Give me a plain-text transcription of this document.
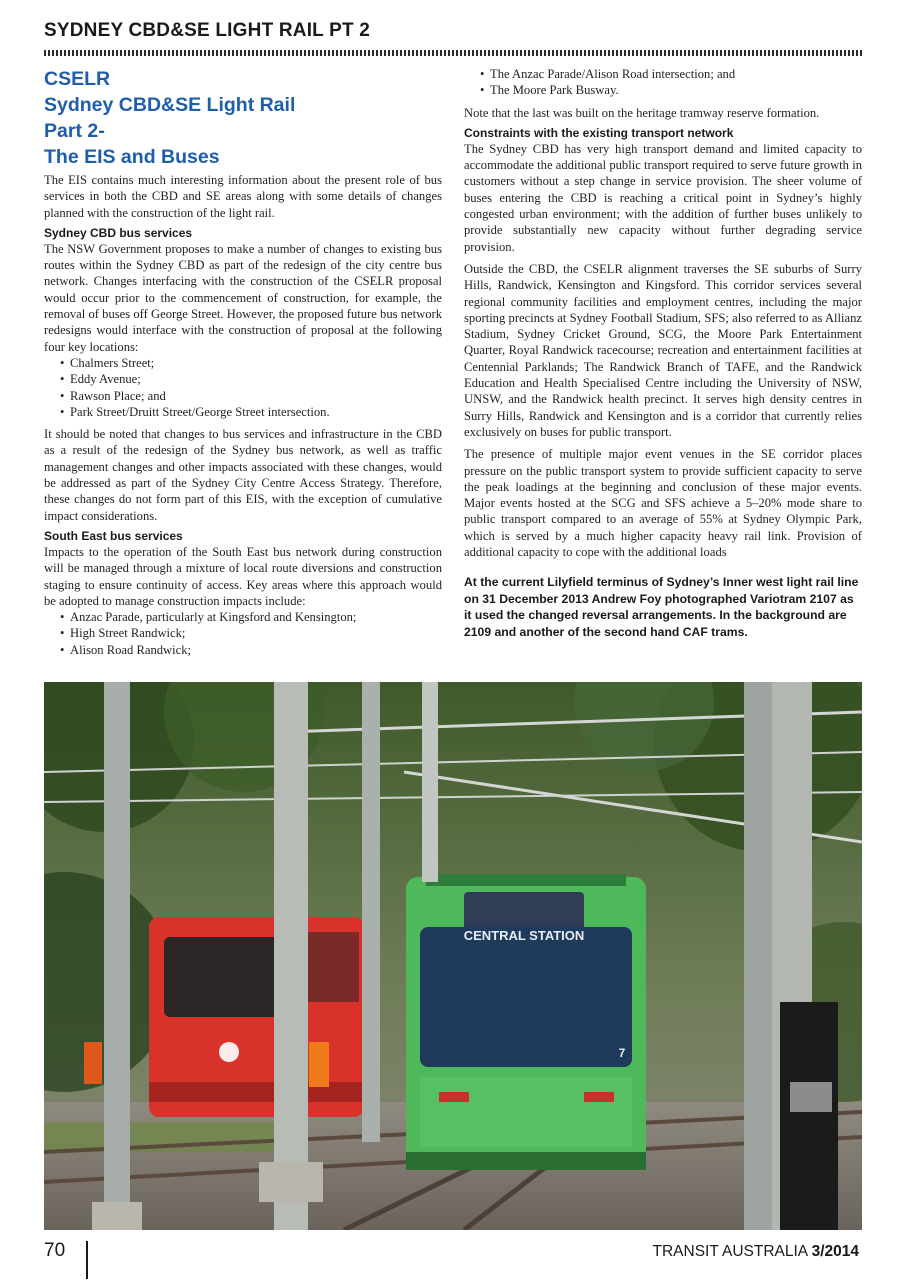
SYDNEY CBD&SE LIGHT RAIL PT 2
CSELR
Sydney CBD&SE Light Rail
Part 2-
The EIS and Buses

The EIS contains much interesting information about the present role of bus services in both the CBD and SE areas along with some details of changes planned with the construction of the light rail.

Sydney CBD bus services

The NSW Government proposes to make a number of changes to existing bus routes within the Sydney CBD as part of the redesign of the city centre bus network. Changes interfacing with the construction of the CSELR proposal would occur prior to the commencement of construction, for example, the removal of buses off George Street. However, the proposed future bus network redesigns would interface with the construction of proposal at the following four key locations:

• Chalmers Street;
• Eddy Avenue;
• Rawson Place; and
• Park Street/Druitt Street/George Street intersection.

It should be noted that changes to bus services and infrastructure in the CBD as a result of the redesign of the Sydney bus network, as well as traffic management changes and other impacts associated with these changes, would be addressed as part of the Sydney City Centre Access Strategy. Therefore, these changes do not form part of this EIS, with the exception of cumulative impact considerations.

South East bus services

Impacts to the operation of the South East bus network during construction will be managed through a mixture of local route diversions and construction staging to ensure continuity of access. Key areas where this approach would be adopted to manage construction impacts include:

• Anzac Parade, particularly at Kingsford and Kensington;
• High Street Randwick;
• Alison Road Randwick;
• The Anzac Parade/Alison Road intersection; and
• The Moore Park Busway.

Note that the last was built on the heritage tramway reserve formation.

Constraints with the existing transport network

The Sydney CBD has very high transport demand and limited capacity to accommodate the additional public transport required to serve future growth in customers without a step change in service provision. The sheer volume of buses entering the CBD is reaching a critical point in Sydney’s highly congested urban environment; with the addition of further buses unlikely to provide substantially new capacity without further degrading service provision.

Outside the CBD, the CSELR alignment traverses the SE suburbs of Surry Hills, Randwick, Kensington and Kingsford. This corridor services several regional community facilities and employment centres, including the major sporting precincts at Sydney Football Stadium, SFS; also referred to as Allianz Stadium, Sydney Cricket Ground, SCG, the Moore Park Entertainment Quarter, Royal Randwick racecourse; recreation and entertainment facilities at Centennial Parklands; The Randwick Branch of TAFE, and the Randwick Education and Health Specialised Centre including the University of NSW, UNSW, and the Randwick health precinct. It serves high density centres in Surry Hills, Randwick and Kensington and is a corridor that currently relies exclusively on buses for public transport.

The presence of multiple major event venues in the SE corridor places pressure on the public transport system to provide sufficient capacity to serve the peak loadings at the beginning and conclusion of these major events. Major events hosted at the SCG and SFS achieve a 5–20% mode share to public transport compared to an average of 55% at Sydney Olympic Park, which is served by a much higher capacity heavy rail link. Provision of additional capacity to cope with the additional loads

At the current Lilyfield terminus of Sydney’s Inner west light rail line on 31 December 2013 Andrew Foy photographed Variotram 2107 as it used the changed reversal arrangements. In the background are 2109 and another of the second hand CAF trams.
CENTRAL STATION
7
70	TRANSIT AUSTRALIA 3/2014
